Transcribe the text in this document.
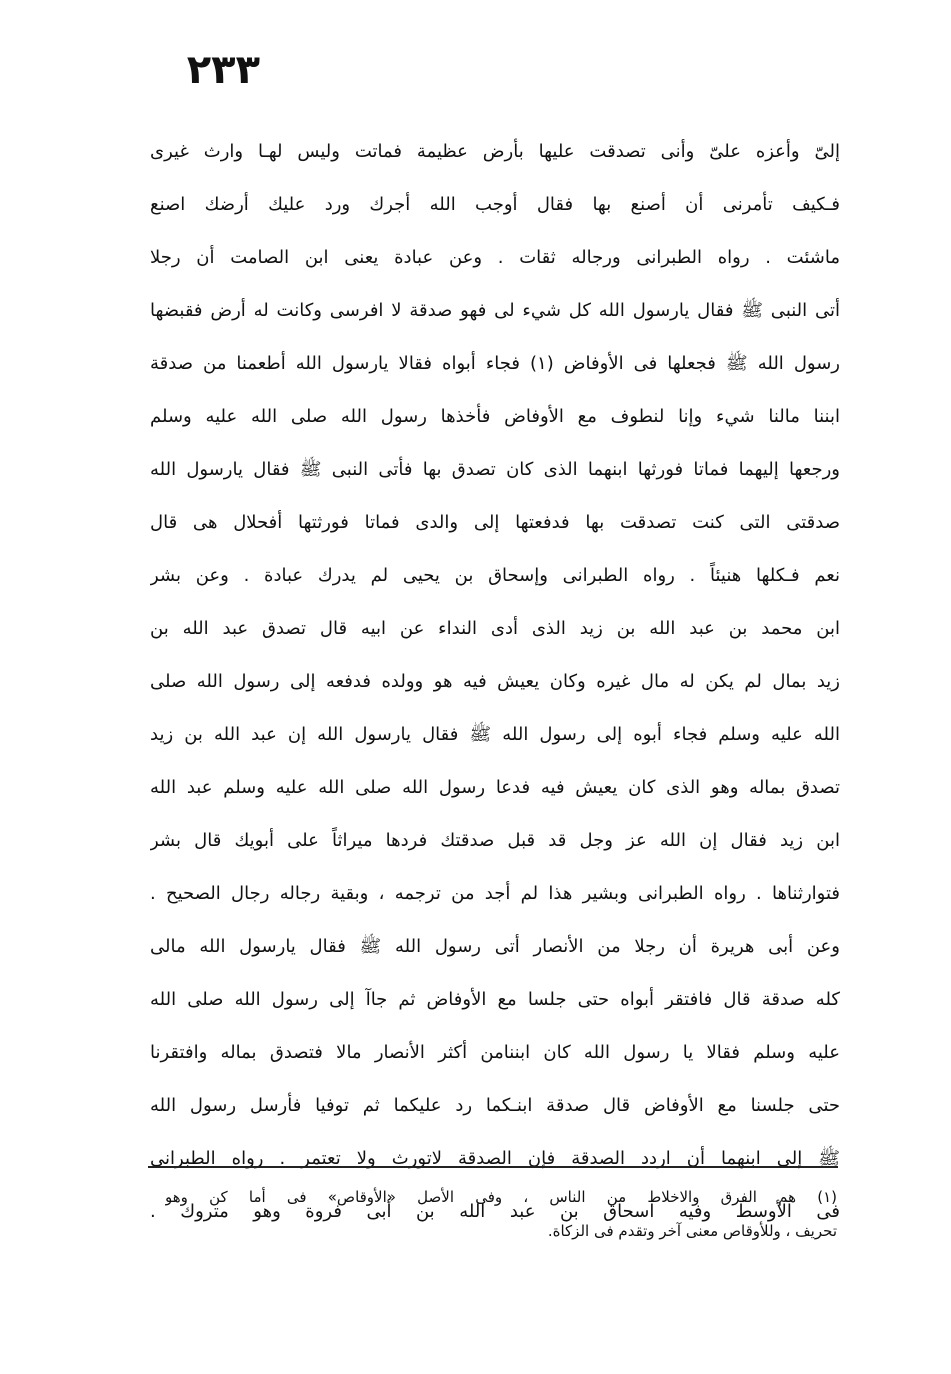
٢٣٣
إلىّ وأعزه علىّ وأنى تصدقت عليها بأرض عظيمة فماتت وليس لهـا وارث غيرى
فـكيف تأمرنى أن أصنع بها فقال أوجب الله أجرك ورد عليك أرضك اصنع
ماشئت . رواه الطبرانى ورجاله ثقات . وعن عبادة يعنى ابن الصامت أن رجلا
أتى النبى ﷺ فقال يارسول الله كل شيء لى فهو صدقة لا افرسى وكانت له أرض فقبضها
رسول الله ﷺ فجعلها فى الأوفاض (١) فجاء أبواه فقالا يارسول الله أطعمنا من صدقة
ابننا مالنا شيء وإنا لنطوف مع الأوفاض فأخذها رسول الله صلى الله عليه وسلم
ورجعها إليهما فماتا فورثها ابنهما الذى كان تصدق بها فأتى النبى ﷺ فقال يارسول الله
صدقتى التى كنت تصدقت بها فدفعتها إلى والدى فماتا فورثتها أفحلال هى قال
نعم فـكلها هنيئاً . رواه الطبرانى وإسحاق بن يحيى لم يدرك عبادة . وعن بشر
ابن محمد بن عبد الله بن زيد الذى أدى النداء عن ابيه قال تصدق عبد الله بن
زيد بمال لم يكن له مال غيره وكان يعيش فيه هو وولده فدفعه إلى رسول الله صلى
الله عليه وسلم فجاء أبوه إلى رسول الله ﷺ فقال يارسول الله إن عبد الله بن زيد
تصدق بماله وهو الذى كان يعيش فيه فدعا رسول الله صلى الله عليه وسلم عبد الله
ابن زيد فقال إن الله عز وجل قد قبل صدقتك فردها ميراثاً على أبويك قال بشر
فتوارثناها . رواه الطبرانى وبشير هذا لم أجد من ترجمه ، وبقية رجاله رجال الصحيح .
وعن أبى هريرة أن رجلا من الأنصار أتى رسول الله ﷺ فقال يارسول الله مالى
كله صدقة قال فافتقر أبواه حتى جلسا مع الأوفاض ثم جاآ إلى رسول الله صلى الله
عليه وسلم فقالا يا رسول الله كان ابننامن أكثر الأنصار مالا فتصدق بماله وافتقرنا
حتى جلسنا مع الأوفاض قال صدقة ابنـكما رد عليكما ثم توفيا فأرسل رسول الله
ﷺ إلى ابنهما أن اردد الصدقة فإن الصدقة لاتورث ولا تعتمر . رواه الطبرانى
فى الأوسط وفيه اسحاق بن عبد الله بن أبى فروة وهو متروك .
(١) هم الفرق والاخلاط من الناس ، وفى الأصل «الأوقاص» فى أما كن وهو
تحريف ، وللأوقاص معنى آخر وتقدم فى الزكاة.
